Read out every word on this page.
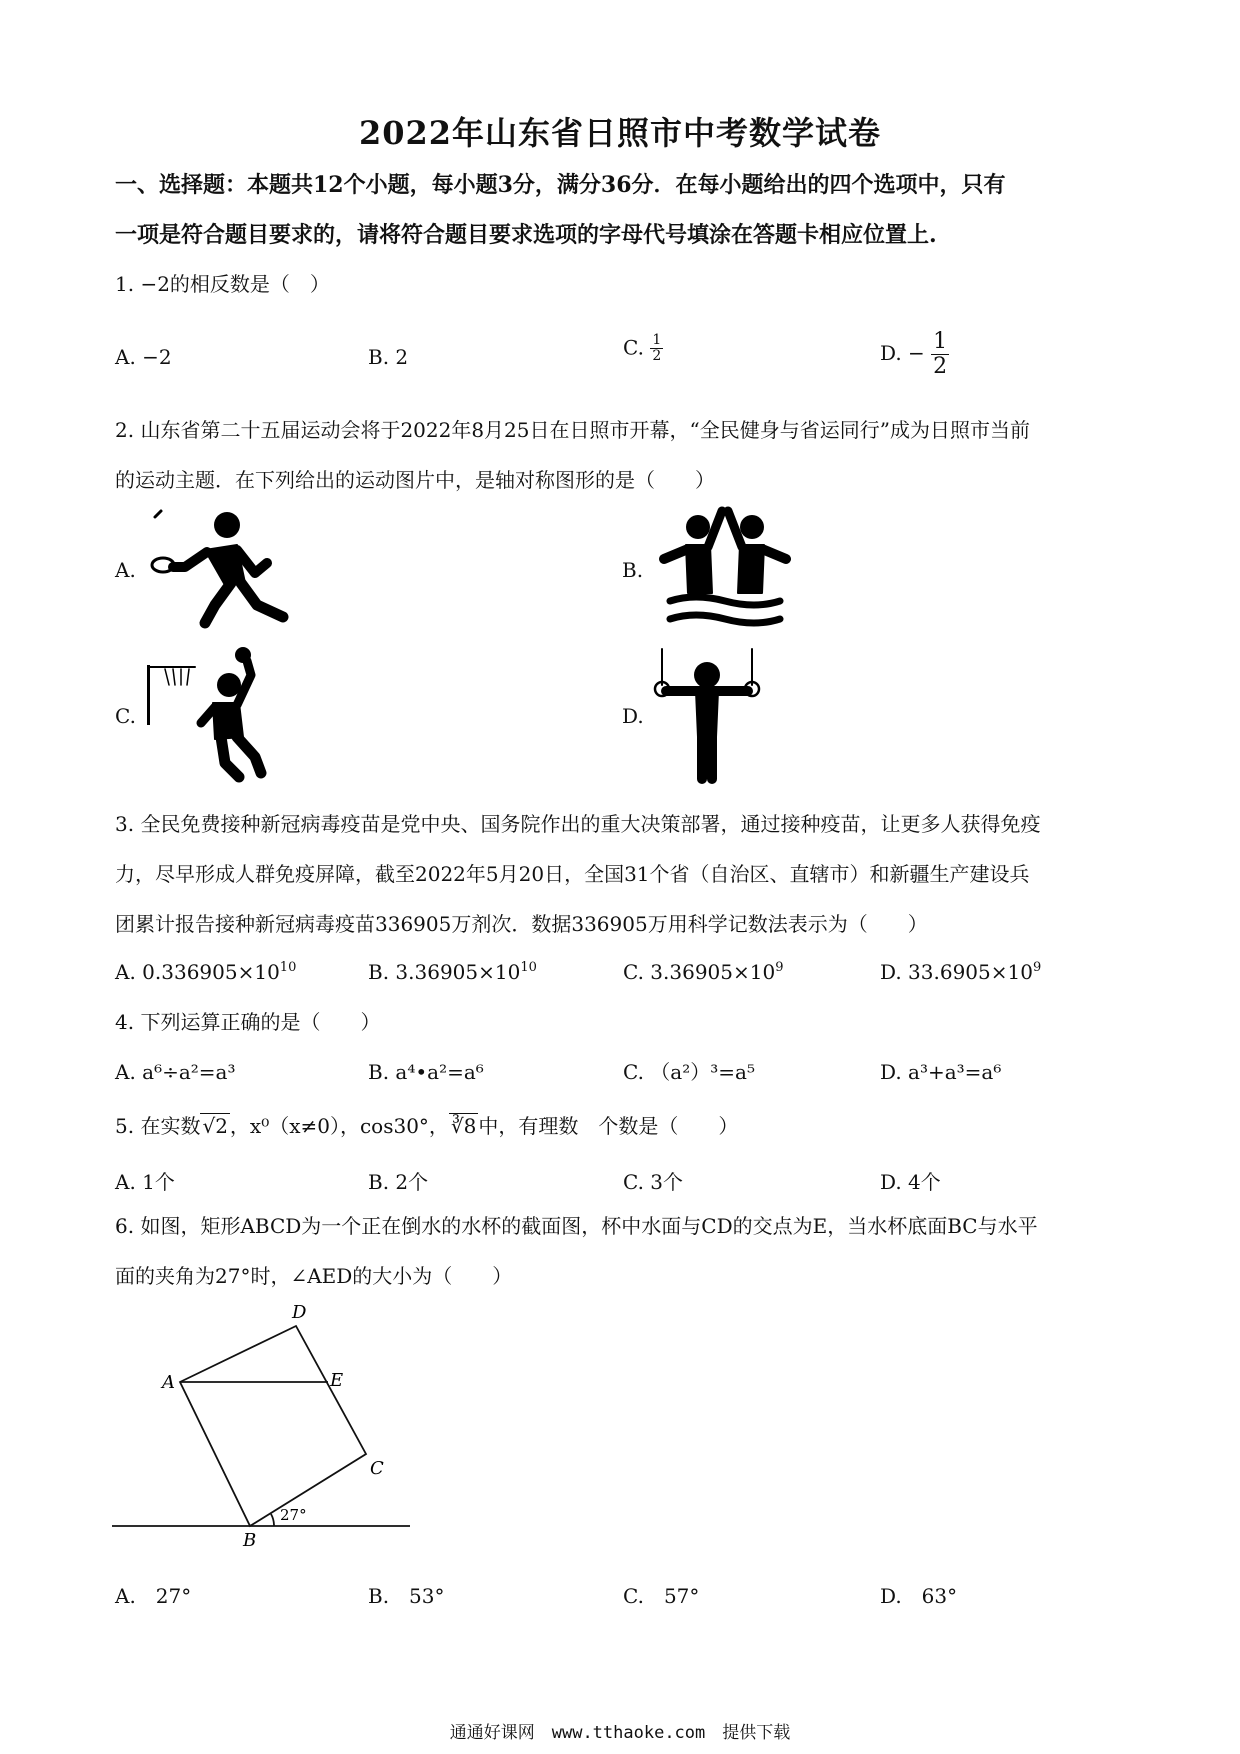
2022年山东省日照市中考数学试卷
一、选择题：本题共12个小题，每小题3分，满分36分．在每小题给出的四个选项中，只有
一项是符合题目要求的，请将符合题目要求选项的字母代号填涂在答题卡相应位置上.
1. −2的相反数是（　）
A. −2	B. 2	C. $\frac{1}{2}$	D. − $\frac{1}{2}$
2. 山东省第二十五届运动会将于2022年8月25日在日照市开幕，“全民健身与省运同行”成为日照市当前
的运动主题．在下列给出的运动图片中，是轴对称图形的是（　　）
A.	B.
C.	D.
3. 全民免费接种新冠病毒疫苗是党中央、国务院作出的重大决策部署，通过接种疫苗，让更多人获得免疫
力，尽早形成人群免疫屏障，截至2022年5月20日，全国31个省（自治区、直辖市）和新疆生产建设兵
团累计报告接种新冠病毒疫苗336905万剂次．数据336905万用科学记数法表示为（　　）
A. $0.336905\times 10^{10}$	B. $3.36905\times 10^{10}$	C. $3.36905\times 10^9$	D. $33.6905\times 10^9$
4. 下列运算正确的是（　　）
A. a⁶÷a²=a³	B. a⁴•a²=a⁶	C. （a²）³=a⁵	D. a³+a³=a⁶
5. 在实数 √2 ，x⁰（x≠0），cos30°， ∛8 中，有理数　个数是（　　）
A. 1个	B. 2个	C. 3个	D. 4个
6. 如图，矩形ABCD为一个正在倒水的水杯的截面图，杯中水面与CD的交点为E，当水杯底面BC与水平
面的夹角为27°时，∠AED的大小为（　　）
A
D
E
C
B
27°
A.　27°	B.　53°	C.　57°	D.　63°
通通好课网　www.tthaoke.com　提供下载
